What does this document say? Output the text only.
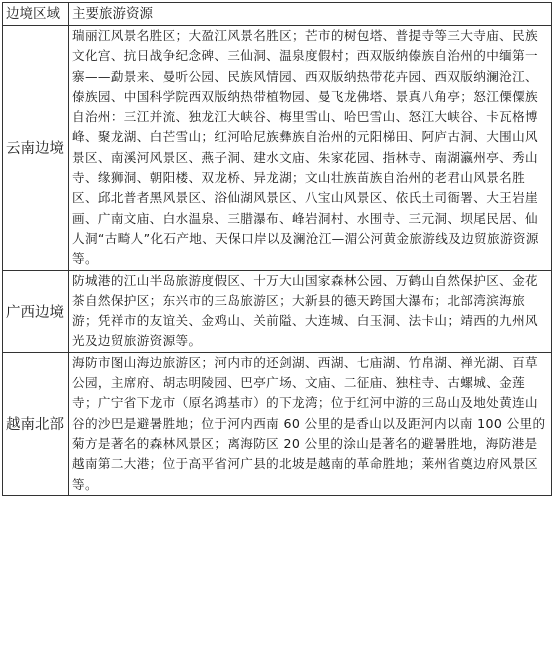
边境区域	主要旅游资源
云南边境	瑞丽江风景名胜区；大盈江风景名胜区；芒市的树包塔、普提寺等三大寺庙、民族文化宫、抗日战争纪念碑、三仙洞、温泉度假村；西双版纳傣族自治州的中缅第一寨——勐景来、曼听公园、民族风情园、西双版纳热带花卉园、西双版纳澜沧江、傣族园、中国科学院西双版纳热带植物园、曼飞龙佛塔、景真八角亭；怒江傈僳族自治州：三江并流、独龙江大峡谷、梅里雪山、哈巴雪山、怒江大峡谷、卡瓦格博峰、聚龙湖、白芒雪山；红河哈尼族彝族自治州的元阳梯田、阿庐古洞、大围山风景区、南溪河风景区、燕子洞、建水文庙、朱家花园、指林寺、南湖瀛州亭、秀山寺、缘狮洞、朝阳楼、双龙桥、异龙湖；文山壮族苗族自治州的老君山风景名胜区、邱北普者黑风景区、浴仙湖风景区、八宝山风景区、依氏土司衙署、大王岩崖画、广南文庙、白水温泉、三腊瀑布、峰岩洞村、水围寺、三元洞、坝尾民居、仙人洞“古畸人”化石产地、天保口岸以及澜沧江—湄公河黄金旅游线及边贸旅游资源等。
广西边境	防城港的江山半岛旅游度假区、十万大山国家森林公园、万鹤山自然保护区、金花茶自然保护区；东兴市的三岛旅游区；大新县的德天跨国大瀑布；北部湾滨海旅游；凭祥市的友谊关、金鸡山、关前隘、大连城、白玉洞、法卡山；靖西的九州风光及边贸旅游资源等。
越南北部	海防市图山海边旅游区；河内市的还剑湖、西湖、七庙湖、竹帛湖、禅光湖、百草公园，主席府、胡志明陵园、巴亭广场、文庙、二征庙、独柱寺、古螺城、金莲寺；广宁省下龙市（原名鸿基市）的下龙湾；位于红河中游的三岛山及地处黄连山谷的沙巴是避暑胜地；位于河内西南 60 公里的是香山以及距河内以南 100 公里的菊方是著名的森林风景区；离海防区 20 公里的涂山是著名的避暑胜地，海防港是越南第二大港；位于高平省河广县的北坡是越南的革命胜地；莱州省奠边府风景区等。
